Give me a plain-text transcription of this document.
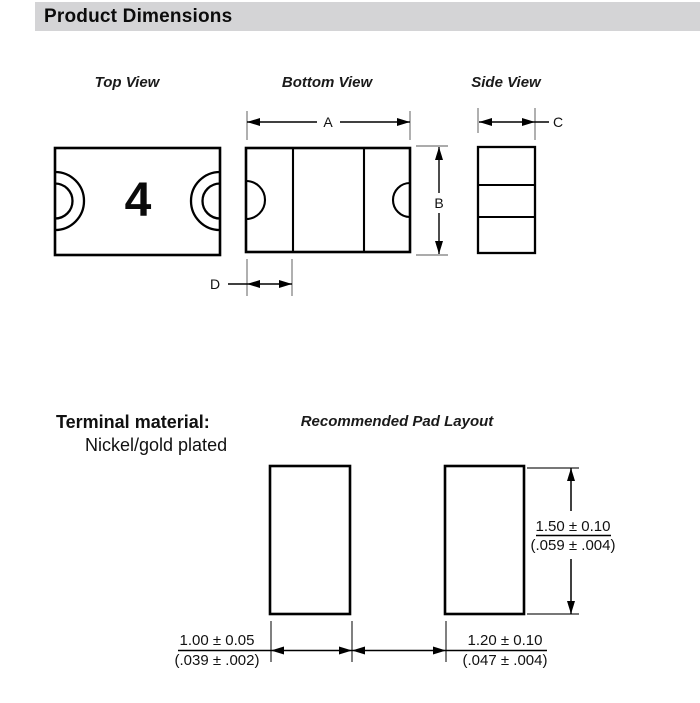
Product Dimensions
Top View	Bottom View	Side View
A
B
C
D
4
Terminal material:
Nickel/gold plated
Recommended Pad Layout
1.50 ± 0.10
(.059 ± .004)
1.00 ± 0.05
(.039 ± .002)
1.20 ± 0.10
(.047 ± .004)
